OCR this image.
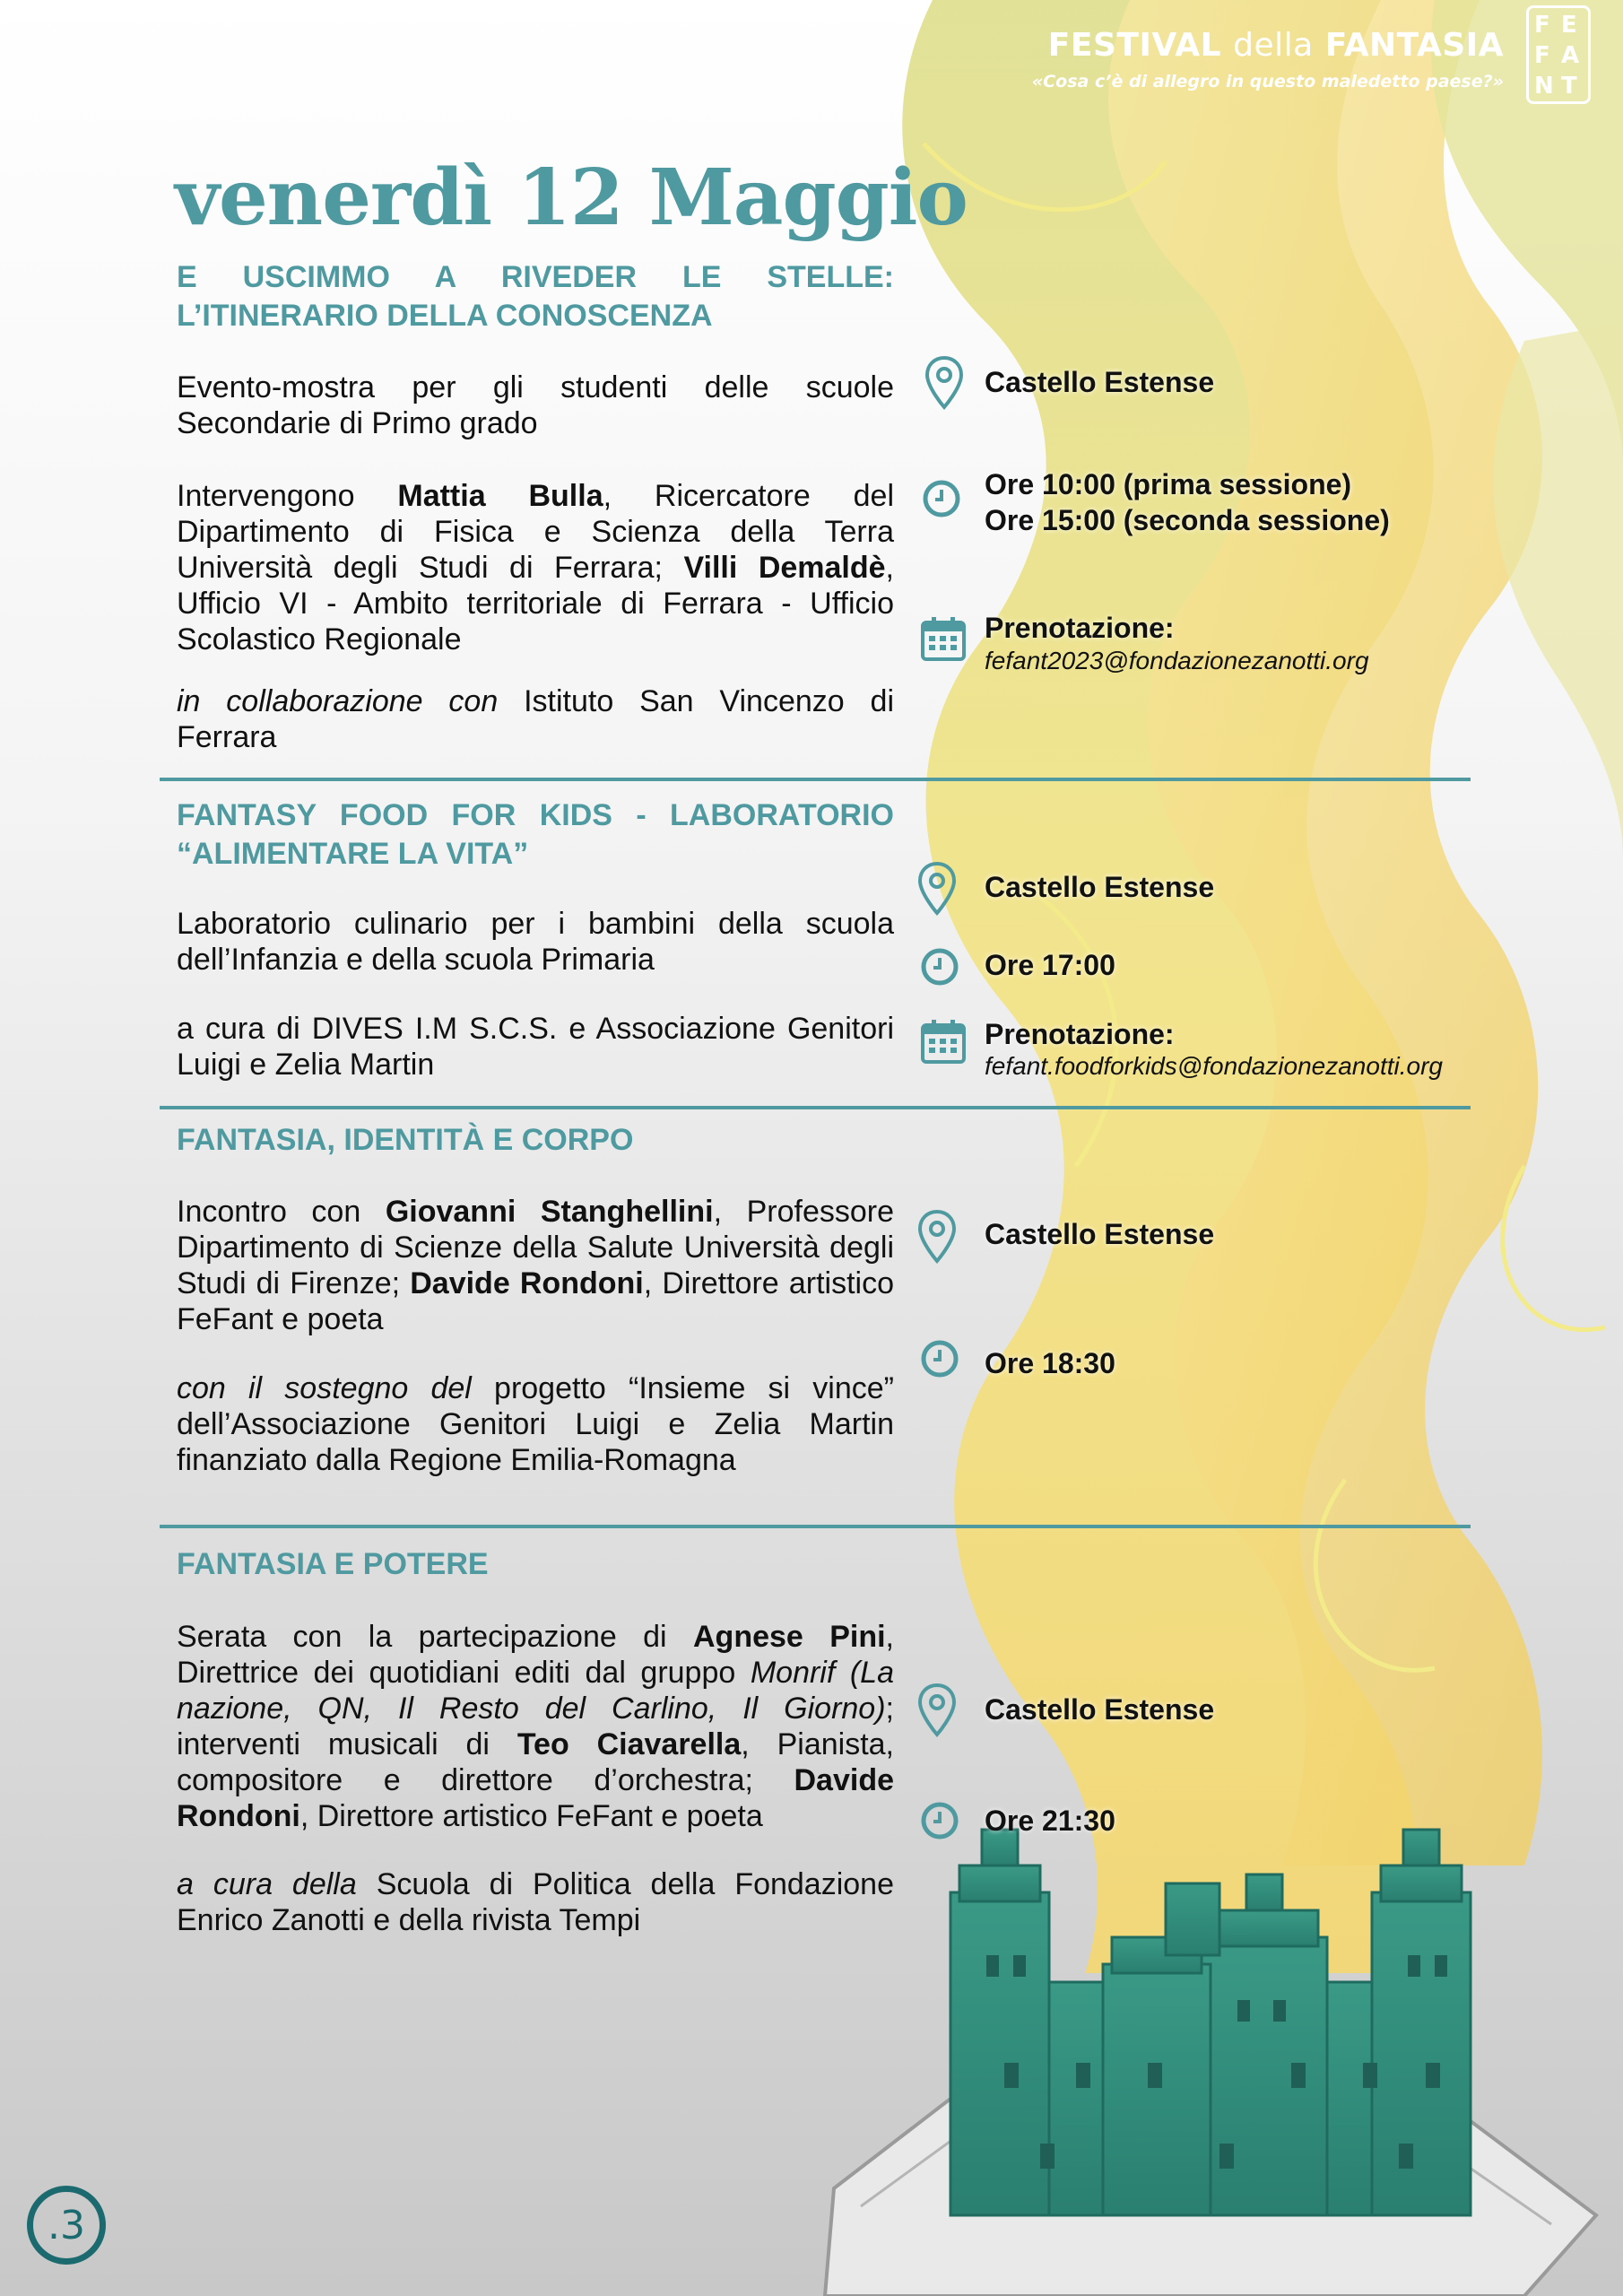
FESTIVAL della FANTASIA
«Cosa c’è di allegro in questo maledetto paese?»
F E
F A
N T
venerdì 12 Maggio
E USCIMMO A RIVEDER LE STELLE:
L’ITINERARIO DELLA CONOSCENZA
Evento-mostra per gli studenti delle scuole Secondarie di Primo grado
Intervengono Mattia Bulla, Ricercatore del Dipartimento di Fisica e Scienza della Terra Università degli Studi di Ferrara; Villi Demaldè, Ufficio VI - Ambito territoriale di Ferrara - Ufficio Scolastico Regionale
in collaborazione con Istituto San Vincenzo di Ferrara
Castello Estense
Ore 10:00 (prima sessione)
Ore 15:00 (seconda sessione)
Prenotazione:
fefant2023@fondazionezanotti.org
FANTASY FOOD FOR KIDS - LABORATORIO
“ALIMENTARE LA VITA”
Laboratorio culinario per i bambini della scuola dell’Infanzia e della scuola Primaria
a cura di DIVES I.M S.C.S. e Associazione Genitori Luigi e Zelia Martin
Castello Estense
Ore 17:00
Prenotazione:
fefant.foodforkids@fondazionezanotti.org
FANTASIA, IDENTITÀ E CORPO
Incontro con Giovanni Stanghellini, Professore Dipartimento di Scienze della Salute Università degli Studi di Firenze; Davide Rondoni, Direttore artistico FeFant e poeta
con il sostegno del progetto “Insieme si vince” dell’Associazione Genitori Luigi e Zelia Martin finanziato dalla Regione Emilia-Romagna
Castello Estense
Ore 18:30
FANTASIA E POTERE
Serata con la partecipazione di Agnese Pini, Direttrice dei quotidiani editi dal gruppo Monrif (La nazione, QN, Il Resto del Carlino, Il Giorno); interventi musicali di Teo Ciavarella, Pianista, compositore e direttore d’orchestra; Davide Rondoni, Direttore artistico FeFant e poeta
a cura della Scuola di Politica della Fondazione Enrico Zanotti e della rivista Tempi
Castello Estense
Ore 21:30
.3
